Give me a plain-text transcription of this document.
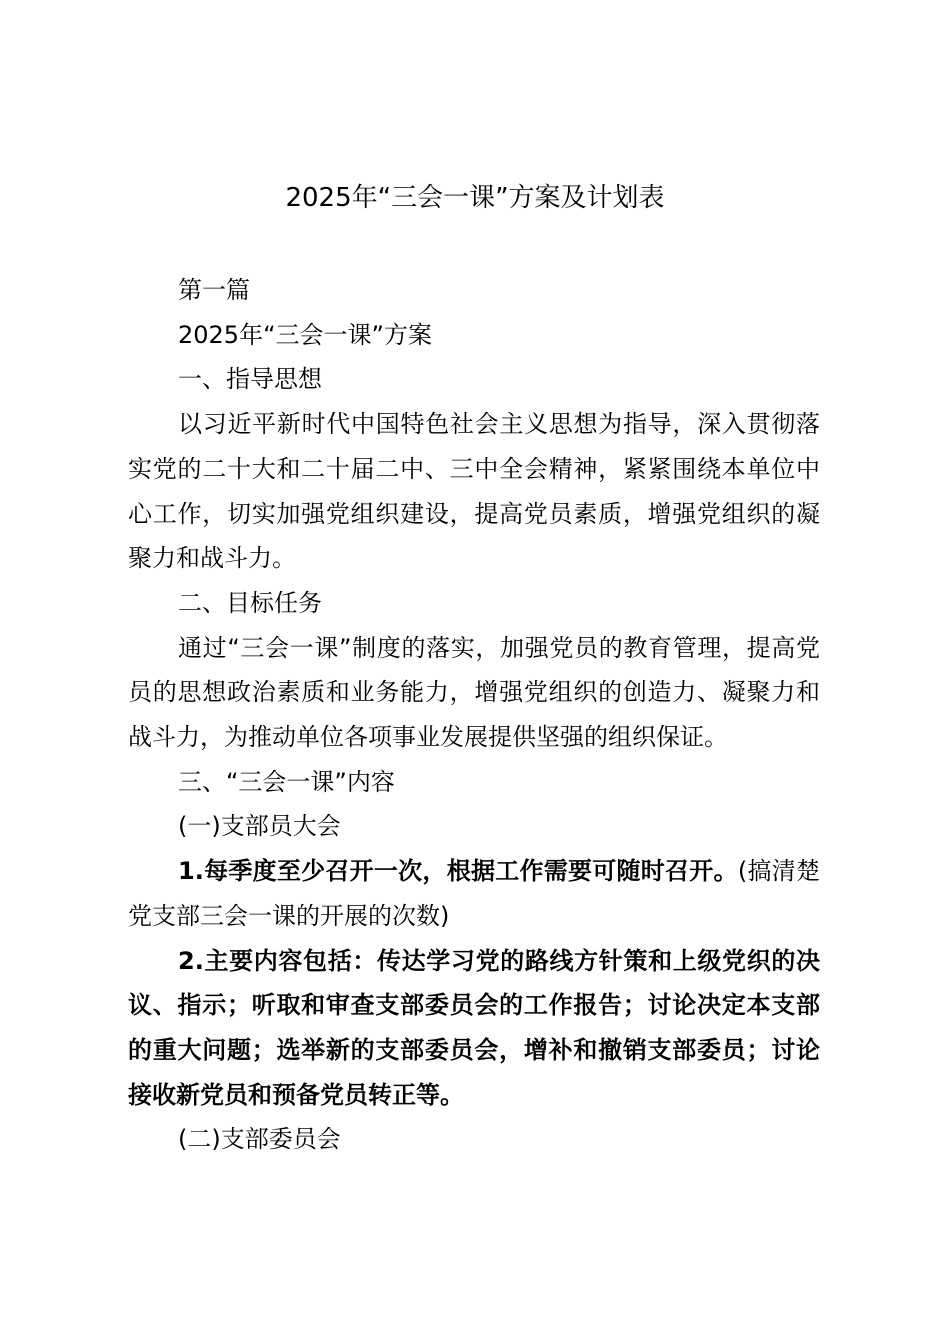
2025年“三会一课”方案及计划表

第一篇

2025年“三会一课”方案

一、指导思想

以习近平新时代中国特色社会主义思想为指导，深入贯彻落实党的二十大和二十届二中、三中全会精神，紧紧围绕本单位中心工作，切实加强党组织建设，提高党员素质，增强党组织的凝聚力和战斗力。

二、目标任务

通过“三会一课”制度的落实，加强党员的教育管理，提高党员的思想政治素质和业务能力，增强党组织的创造力、凝聚力和战斗力，为推动单位各项事业发展提供坚强的组织保证。

三、“三会一课”内容

(一)支部员大会

1.每季度至少召开一次，根据工作需要可随时召开。(搞清楚党支部三会一课的开展的次数)

2.主要内容包括：传达学习党的路线方针策和上级党织的决议、指示；听取和审查支部委员会的工作报告；讨论决定本支部的重大问题；选举新的支部委员会，增补和撤销支部委员；讨论接收新党员和预备党员转正等。

(二)支部委员会
